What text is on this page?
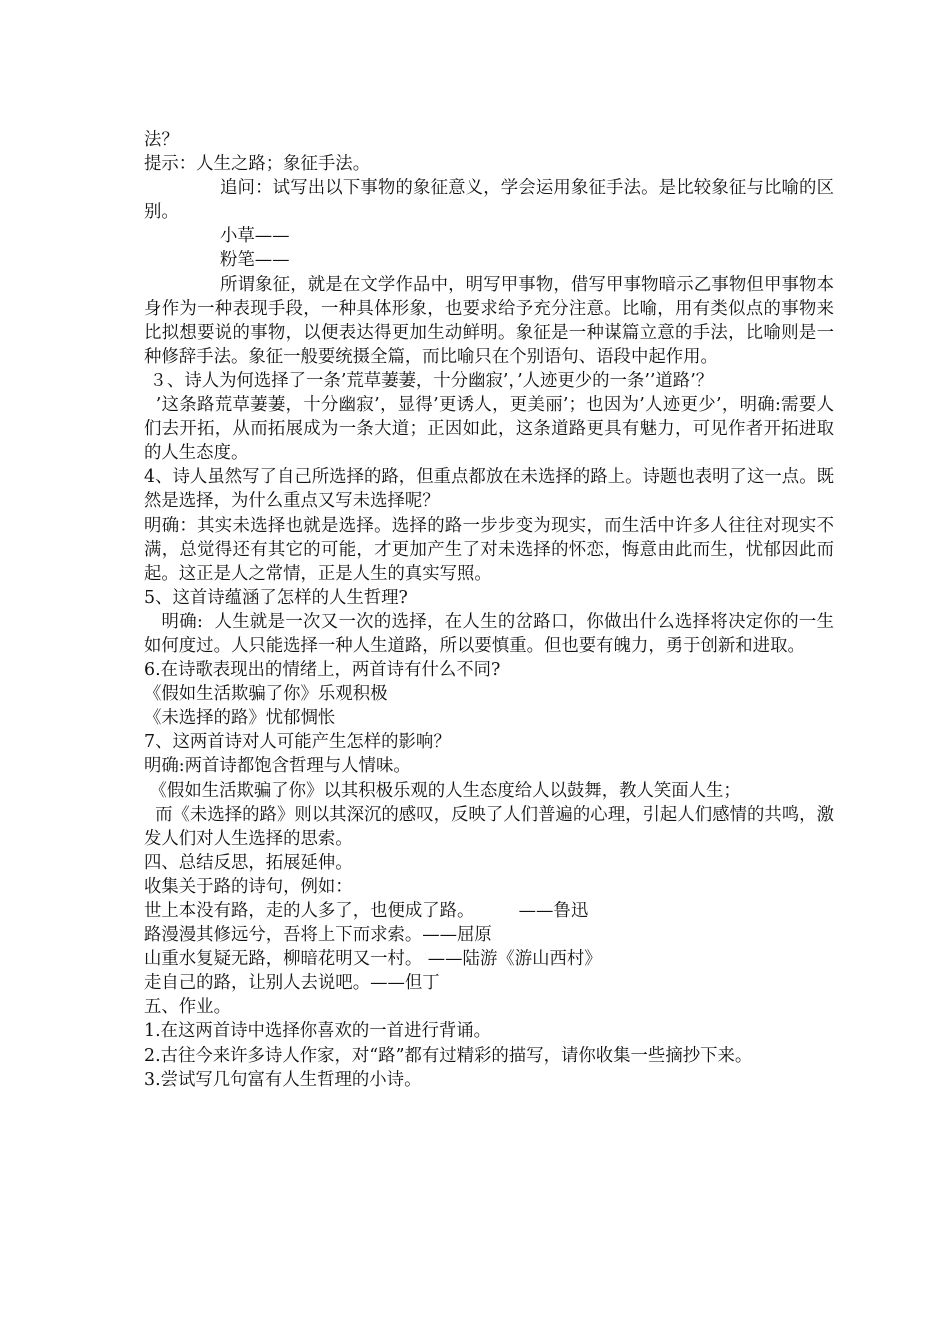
法？
提示：人生之路；象征手法。
追问：试写出以下事物的象征意义，学会运用象征手法。是比较象征与比喻的区别。
小草——
粉笔——
所谓象征，就是在文学作品中，明写甲事物，借写甲事物暗示乙事物但甲事物本身作为一种表现手段，一种具体形象，也要求给予充分注意。比喻，用有类似点的事物来比拟想要说的事物，以便表达得更加生动鲜明。象征是一种谋篇立意的手法，比喻则是一种修辞手法。象征一般要统摄全篇，而比喻只在个别语句、语段中起作用。
３、诗人为何选择了一条’荒草萋萋，十分幽寂’，’人迹更少的一条’’道路’？
’这条路荒草萋萋，十分幽寂’，显得’更诱人，更美丽’；也因为’人迹更少’，明确:需要人们去开拓，从而拓展成为一条大道；正因如此，这条道路更具有魅力，可见作者开拓进取的人生态度。
4、诗人虽然写了自己所选择的路，但重点都放在未选择的路上。诗题也表明了这一点。既然是选择，为什么重点又写未选择呢？
明确：其实未选择也就是选择。选择的路一步步变为现实，而生活中许多人往往对现实不满，总觉得还有其它的可能，才更加产生了对未选择的怀恋，悔意由此而生，忧郁因此而起。这正是人之常情，正是人生的真实写照。
5、这首诗蕴涵了怎样的人生哲理?
明确:  人生就是一次又一次的选择，在人生的岔路口，你做出什么选择将决定你的一生如何度过。人只能选择一种人生道路，所以要慎重。但也要有魄力，勇于创新和进取。
6.在诗歌表现出的情绪上，两首诗有什么不同?
《假如生活欺骗了你》乐观积极
《未选择的路》忧郁惆怅
7、这两首诗对人可能产生怎样的影响？
明确:两首诗都饱含哲理与人情味。
《假如生活欺骗了你》以其积极乐观的人生态度给人以鼓舞，教人笑面人生；
而《未选择的路》则以其深沉的感叹，反映了人们普遍的心理，引起人们感情的共鸣，激发人们对人生选择的思索。
四、总结反思，拓展延伸。
收集关于路的诗句，例如：
世上本没有路，走的人多了，也便成了路。        ——鲁迅
路漫漫其修远兮，吾将上下而求索。——屈原
山重水复疑无路，柳暗花明又一村。 ——陆游《游山西村》
走自己的路，让别人去说吧。——但丁
五、作业。
1.在这两首诗中选择你喜欢的一首进行背诵。
2.古往今来许多诗人作家，对“路”都有过精彩的描写，请你收集一些摘抄下来。
3.尝试写几句富有人生哲理的小诗。
